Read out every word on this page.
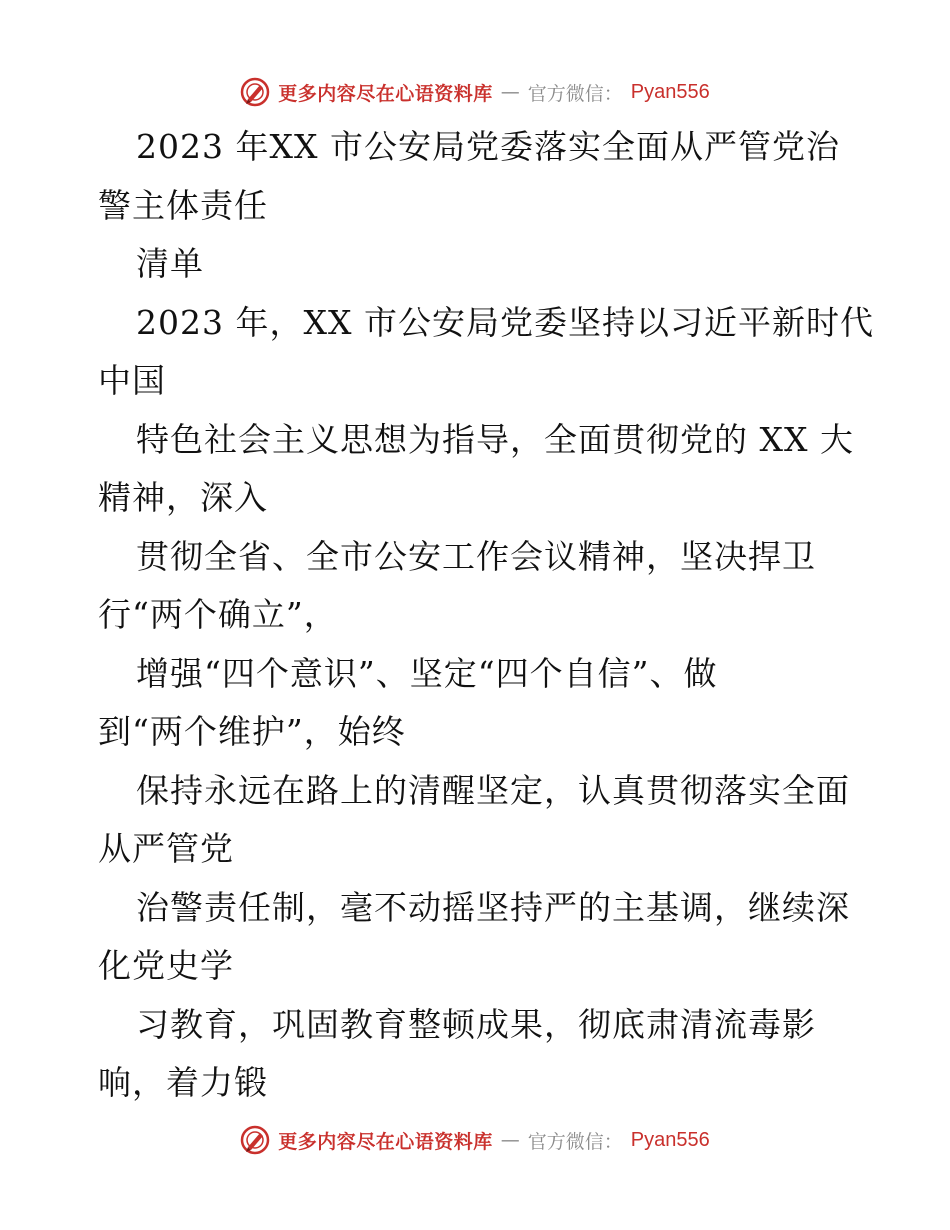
更多内容尽在心语资料库 — 官方微信： Pyan556
2023 年XX 市公安局党委落实全面从严管党治
警主体责任
清单
2023 年，XX 市公安局党委坚持以习近平新时代
中国
特色社会主义思想为指导，全面贯彻党的 XX 大
精神，深入
贯彻全省、全市公安工作会议精神，坚决捍卫
行“两个确立”，
增强“四个意识”、坚定“四个自信”、做
到“两个维护”，始终
保持永远在路上的清醒坚定，认真贯彻落实全面
从严管党
治警责任制，毫不动摇坚持严的主基调，继续深
化党史学
习教育，巩固教育整顿成果，彻底肃清流毒影
响，着力锻
更多内容尽在心语资料库 — 官方微信： Pyan556
